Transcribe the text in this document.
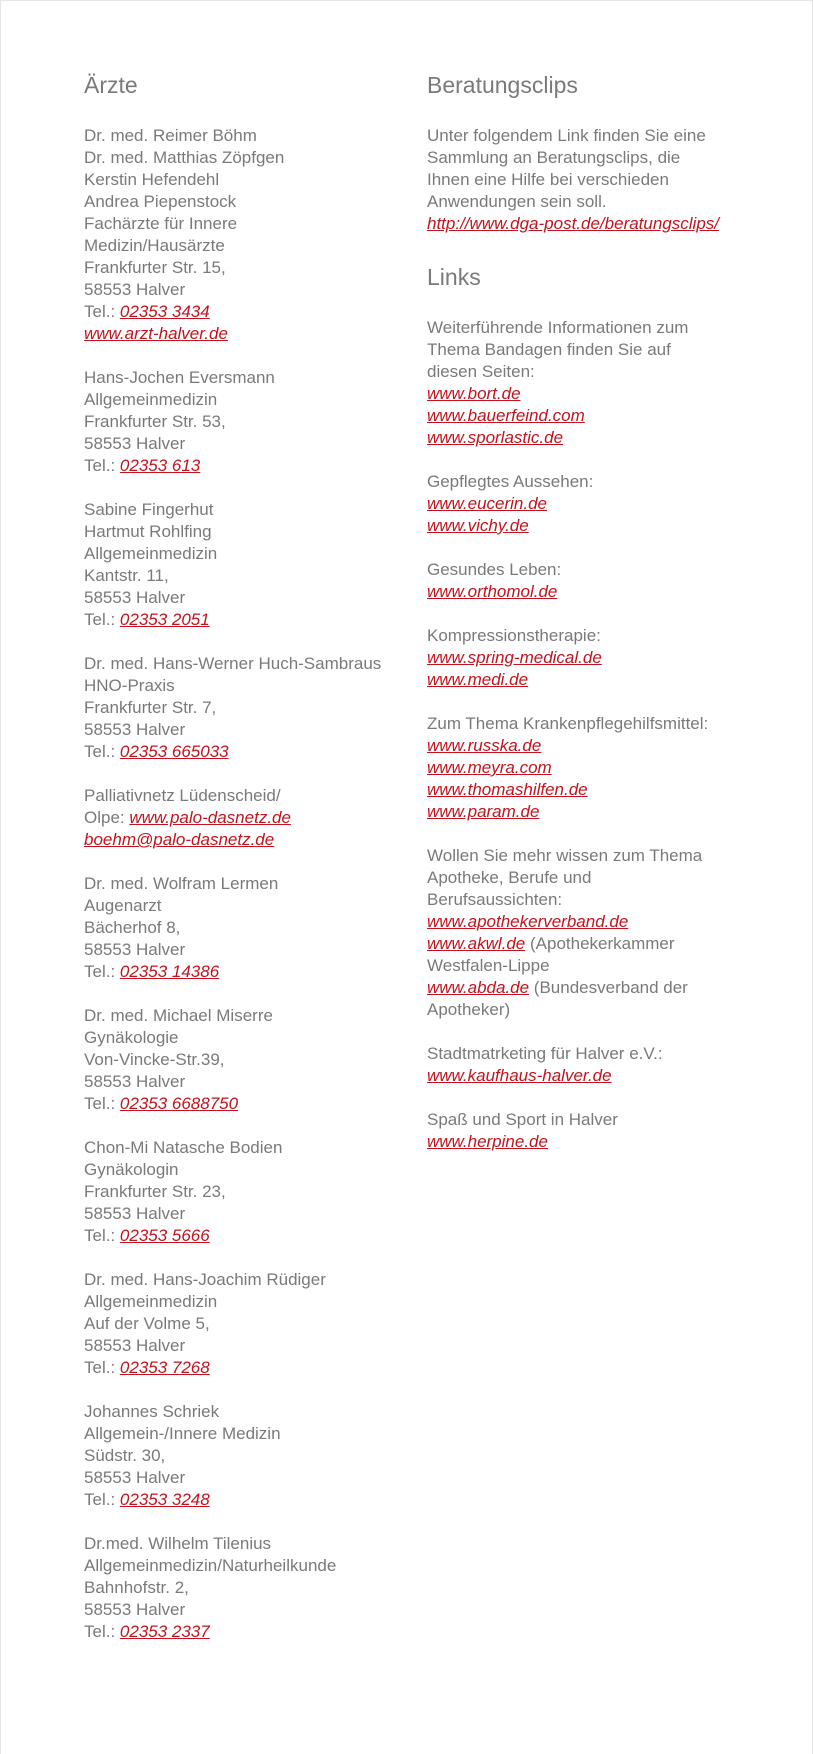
Ärzte
Dr. med. Reimer Böhm
Dr. med. Matthias Zöpfgen
Kerstin Hefendehl
Andrea Piepenstock
Fachärzte für Innere
Medizin/Hausärzte
Frankfurter Str. 15,
58553 Halver
Tel.: 02353 3434
www.arzt-halver.de
Hans-Jochen Eversmann
Allgemeinmedizin
Frankfurter Str. 53,
58553 Halver
Tel.: 02353 613
Sabine Fingerhut
Hartmut Rohlfing
Allgemeinmedizin
Kantstr. 11,
58553 Halver
Tel.: 02353 2051
Dr. med. Hans-Werner Huch-Sambraus
HNO-Praxis
Frankfurter Str. 7,
58553 Halver
Tel.: 02353 665033
Palliativnetz Lüdenscheid/
Olpe: www.palo-dasnetz.de
boehm@palo-dasnetz.de
Dr. med. Wolfram Lermen
Augenarzt
Bächerhof 8,
58553 Halver
Tel.: 02353 14386
Dr. med. Michael Miserre
Gynäkologie
Von-Vincke-Str.39,
58553 Halver
Tel.: 02353 6688750
Chon-Mi Natasche Bodien
Gynäkologin
Frankfurter Str. 23,
58553 Halver
Tel.: 02353 5666
Dr. med. Hans-Joachim Rüdiger
Allgemeinmedizin
Auf der Volme 5,
58553 Halver
Tel.: 02353 7268
Johannes Schriek
Allgemein-/Innere Medizin
Südstr. 30,
58553 Halver
Tel.: 02353 3248
Dr.med. Wilhelm Tilenius
Allgemeinmedizin/Naturheilkunde
Bahnhofstr. 2,
58553 Halver
Tel.: 02353 2337
Beratungsclips
Unter folgendem Link finden Sie eine
Sammlung an Beratungsclips, die
Ihnen eine Hilfe bei verschieden
Anwendungen sein soll.
http://www.dga-post.de/beratungsclips/
Links
Weiterführende Informationen zum
Thema Bandagen finden Sie auf
diesen Seiten:
www.bort.de
www.bauerfeind.com
www.sporlastic.de
Gepflegtes Aussehen:
www.eucerin.de
www.vichy.de
Gesundes Leben:
www.orthomol.de
Kompressionstherapie:
www.spring-medical.de
www.medi.de
Zum Thema Krankenpflegehilfsmittel:
www.russka.de
www.meyra.com
www.thomashilfen.de
www.param.de
Wollen Sie mehr wissen zum Thema
Apotheke, Berufe und
Berufsaussichten:
www.apothekerverband.de
www.akwl.de (Apothekerkammer
Westfalen-Lippe
www.abda.de (Bundesverband der
Apotheker)
Stadtmatrketing für Halver e.V.:
www.kaufhaus-halver.de
Spaß und Sport in Halver
www.herpine.de
